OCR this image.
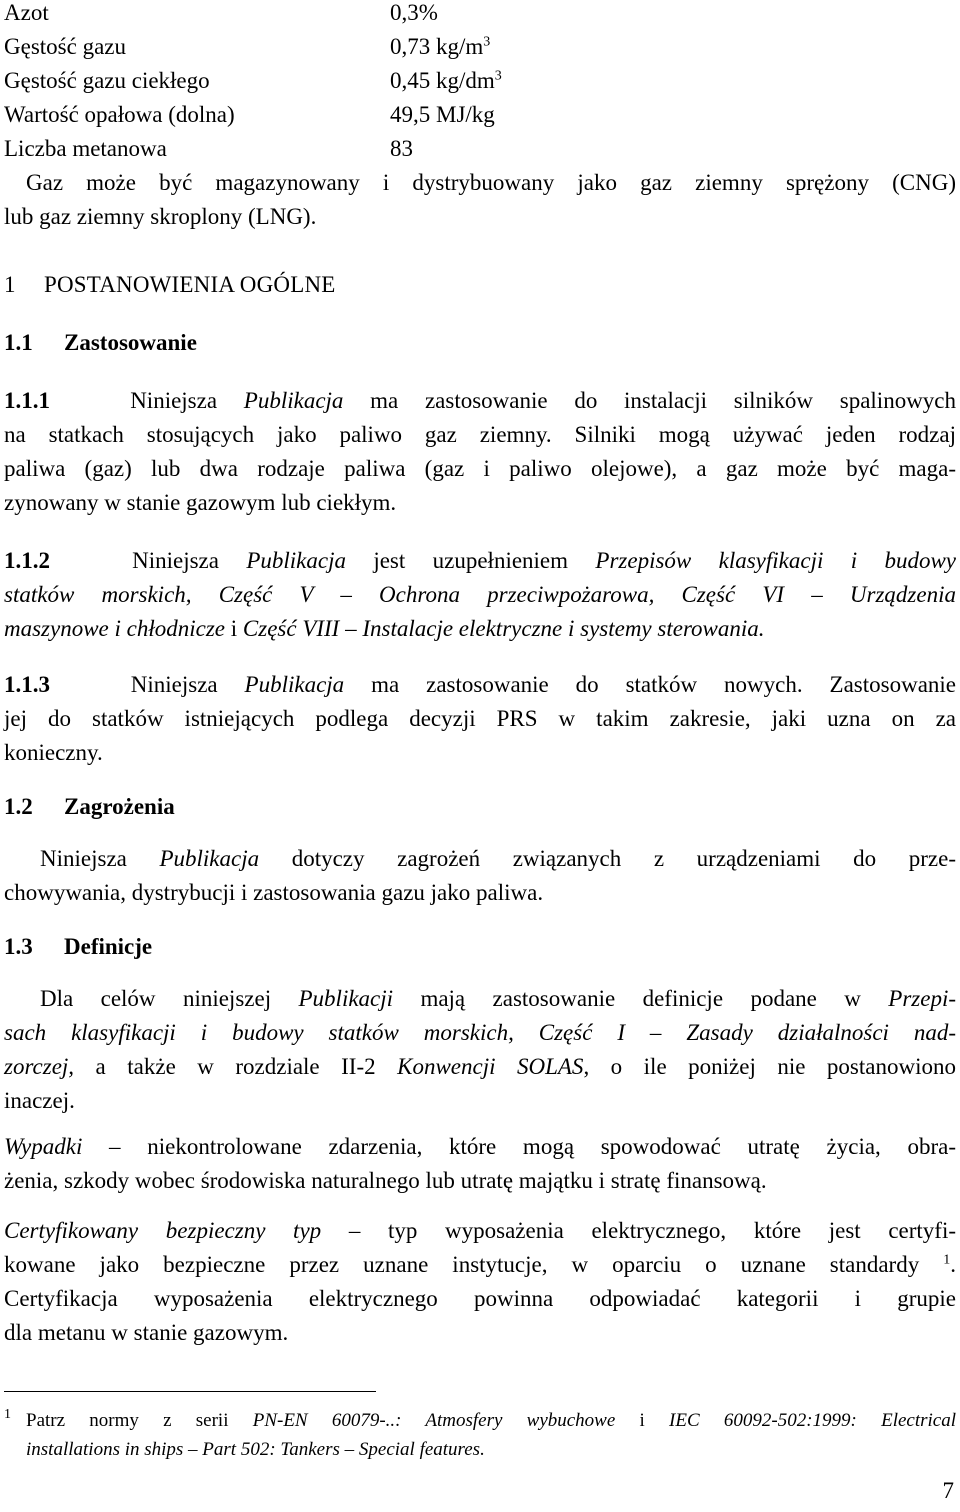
Azot	0,3%
Gęstość gazu	0,73 $kg/m^3$
Gęstość gazu ciekłego	0,45 $kg/dm^3$
Wartość opałowa (dolna)	49,5 MJ/kg
Liczba metanowa	83
Gaz może być magazynowany i dystrybuowany jako gaz ziemny sprężony (CNG)
lub gaz ziemny skroplony (LNG).
1 POSTANOWIENIA OGÓLNE
1.1 Zastosowanie
1.1.1	Niniejsza Publikacja ma zastosowanie do instalacji silników spalinowych
na statkach stosujących jako paliwo gaz ziemny. Silniki mogą używać jeden rodzaj
paliwa (gaz) lub dwa rodzaje paliwa (gaz i paliwo olejowe), a gaz może być maga-
zynowany w stanie gazowym lub ciekłym.
1.1.2	Niniejsza Publikacja jest uzupełnieniem Przepisów klasyfikacji i budowy
statków morskich, Część V – Ochrona przeciwpożarowa, Część VI – Urządzenia
maszynowe i chłodnicze i Część VIII – Instalacje elektryczne i systemy sterowania.
1.1.3	Niniejsza Publikacja ma zastosowanie do statków nowych. Zastosowanie
jej do statków istniejących podlega decyzji PRS w takim zakresie, jaki uzna on za
konieczny.
1.2 Zagrożenia
Niniejsza Publikacja dotyczy zagrożeń związanych z urządzeniami do prze-
chowywania, dystrybucji i zastosowania gazu jako paliwa.
1.3 Definicje
Dla celów niniejszej Publikacji mają zastosowanie definicje podane w Przepi-
sach klasyfikacji i budowy statków morskich, Część I – Zasady działalności nad-
zorczej, a także w rozdziale II-2 Konwencji SOLAS, o ile poniżej nie postanowiono
inaczej.
Wypadki – niekontrolowane zdarzenia, które mogą spowodować utratę życia, obra-
żenia, szkody wobec środowiska naturalnego lub utratę majątku i stratę finansową.
Certyfikowany bezpieczny typ – typ wyposażenia elektrycznego, które jest certyfi-
kowane jako bezpieczne przez uznane instytucje, w oparciu o uznane standardy $^1$.
Certyfikacja wyposażenia elektrycznego powinna odpowiadać kategorii i grupie
dla metanu w stanie gazowym.
1 Patrz normy z serii PN-EN 60079-..: Atmosfery wybuchowe i IEC 60092-502:1999: Electrical
installations in ships – Part 502: Tankers – Special features.
7
